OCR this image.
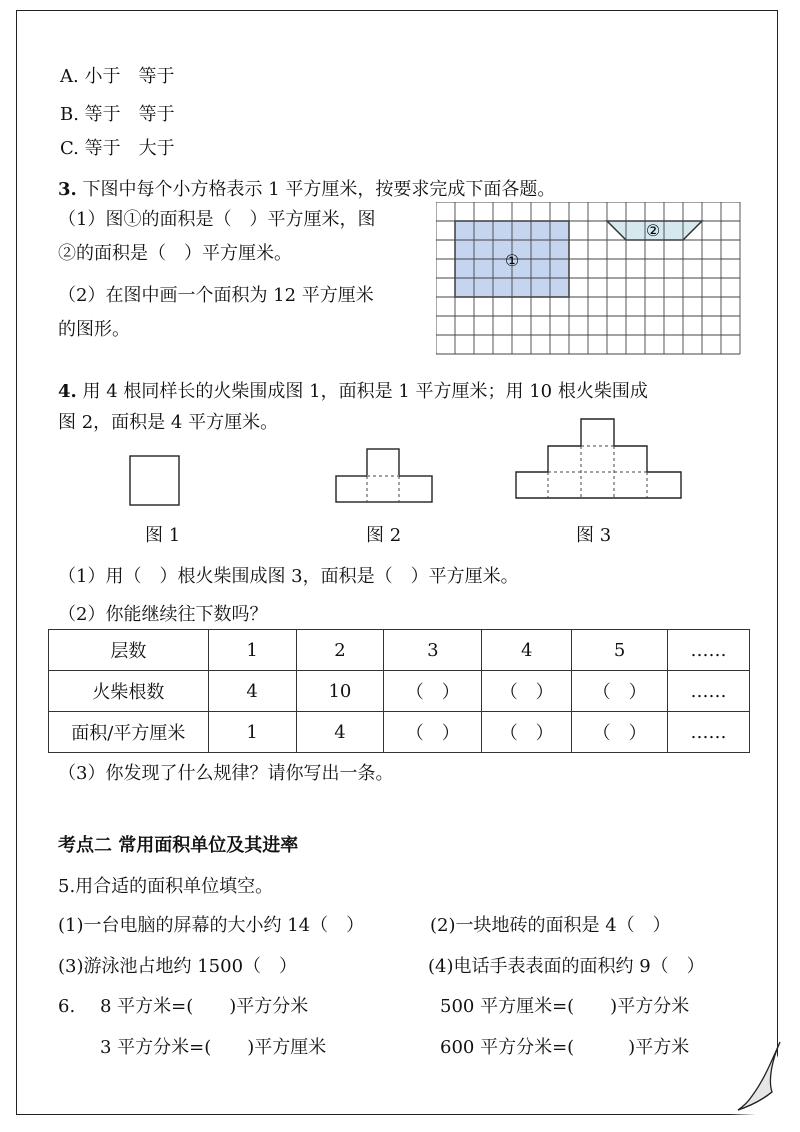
A. 小于　等于
B. 等于　等于
C. 等于　大于
3. 下图中每个小方格表示 1 平方厘米，按要求完成下面各题。
（1）图①的面积是（　）平方厘米，图
②的面积是（　）平方厘米。
（2）在图中画一个面积为 12 平方厘米
的图形。
①
②
4. 用 4 根同样长的火柴围成图 1，面积是 1 平方厘米；用 10 根火柴围成
图 2，面积是 4 平方厘米。
图 1	图 2	图 3
（1）用（　）根火柴围成图 3，面积是（　）平方厘米。
（2）你能继续往下数吗？
层数	1	2	3	4	5	……
火柴根数	4	10	（　）	（　）	（　）	……
面积/平方厘米	1	4	（　）	（　）	（　）	……
（3）你发现了什么规律？请你写出一条。
考点二 常用面积单位及其进率
5.用合适的面积单位填空。
(1)一台电脑的屏幕的大小约 14（　）	(2)一块地砖的面积是 4（　）
(3)游泳池占地约 1500（　）	(4)电话手表表面的面积约 9（　）
6. 8 平方米=(　　)平方分米	500 平方厘米=(　　)平方分米
3 平方分米=(　　)平方厘米	600 平方分米=(　　　)平方米
